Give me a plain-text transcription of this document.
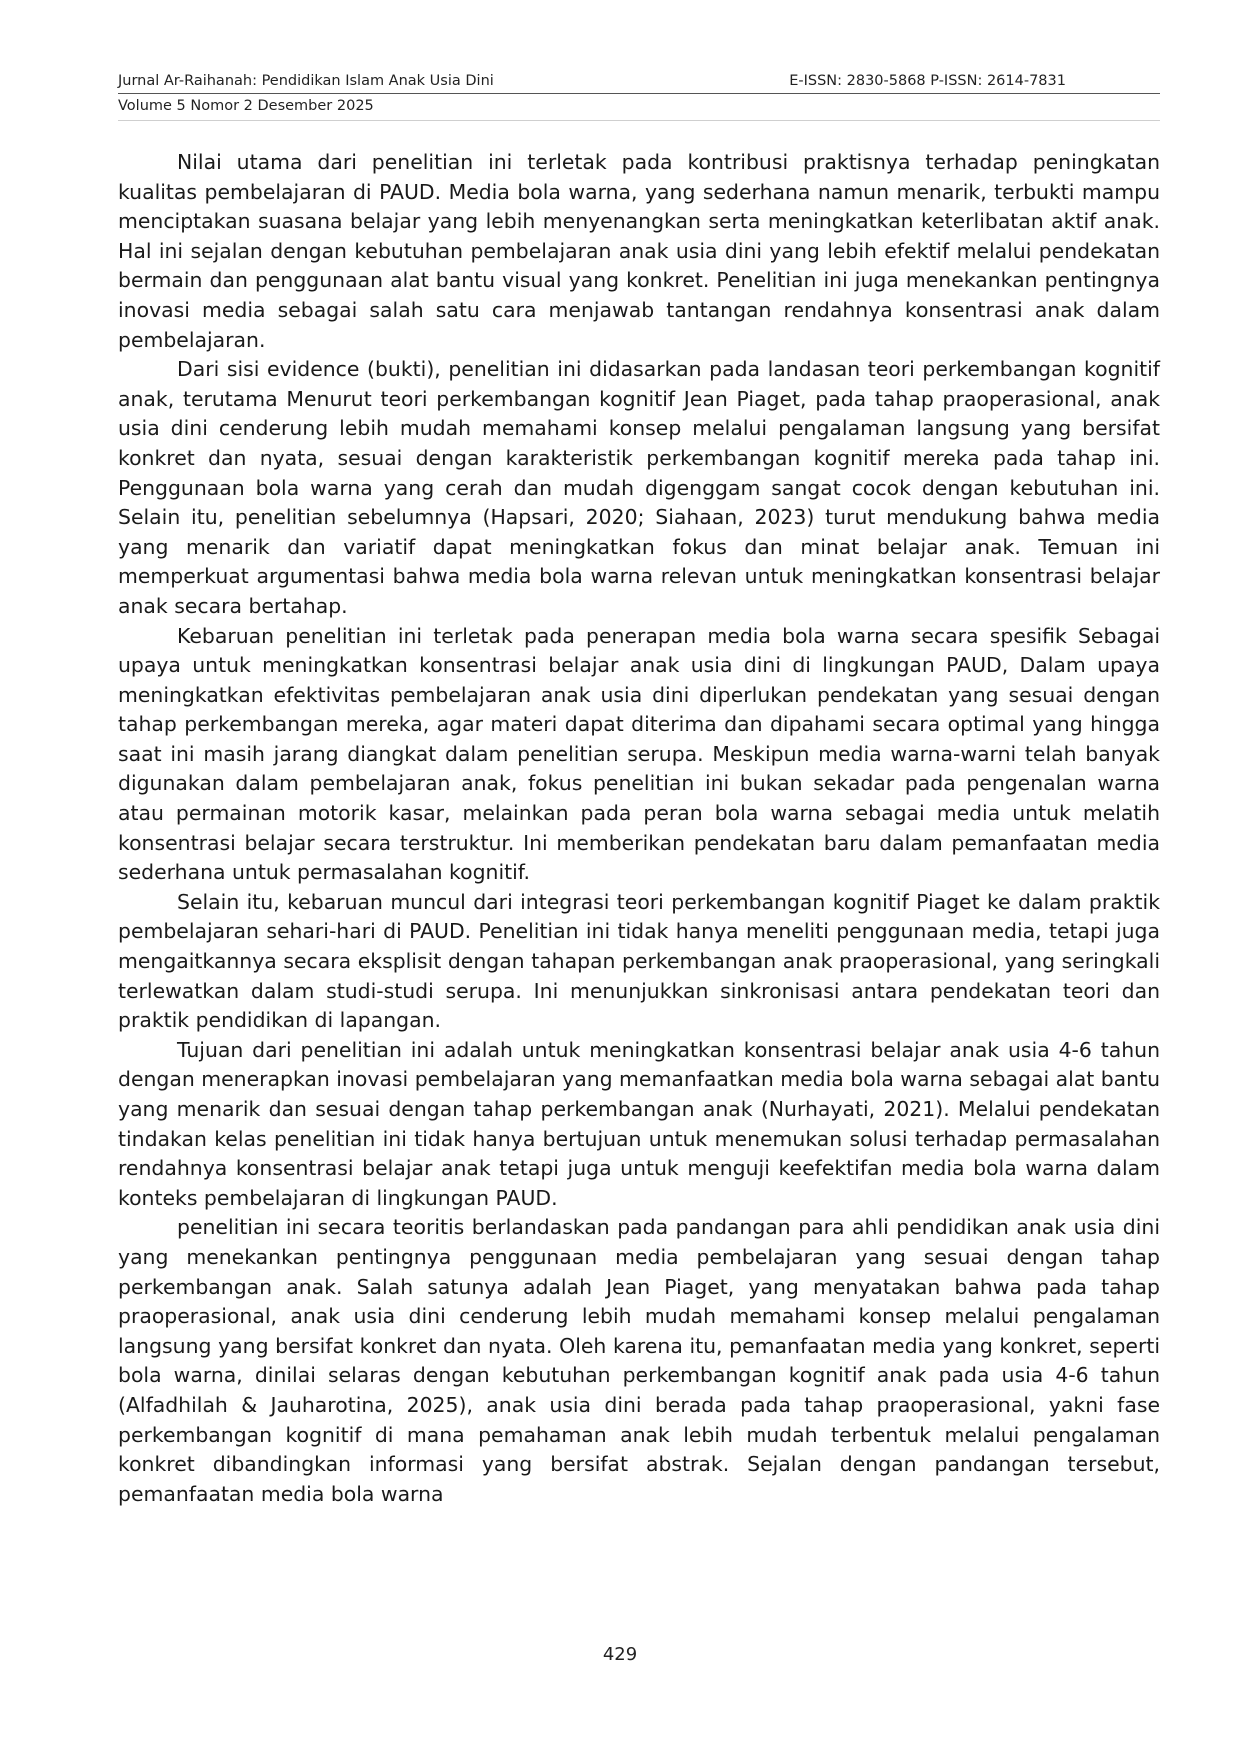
Jurnal Ar-Raihanah: Pendidikan Islam Anak Usia Dini	E-ISSN: 2830-5868 P-ISSN: 2614-7831
Volume 5 Nomor 2 Desember 2025

Nilai utama dari penelitian ini terletak pada kontribusi praktisnya terhadap peningkatan kualitas pembelajaran di PAUD. Media bola warna, yang sederhana namun menarik, terbukti mampu menciptakan suasana belajar yang lebih menyenangkan serta meningkatkan keterlibatan aktif anak. Hal ini sejalan dengan kebutuhan pembelajaran anak usia dini yang lebih efektif melalui pendekatan bermain dan penggunaan alat bantu visual yang konkret. Penelitian ini juga menekankan pentingnya inovasi media sebagai salah satu cara menjawab tantangan rendahnya konsentrasi anak dalam pembelajaran.

Dari sisi evidence (bukti), penelitian ini didasarkan pada landasan teori perkembangan kognitif anak, terutama Menurut teori perkembangan kognitif Jean Piaget, pada tahap praoperasional, anak usia dini cenderung lebih mudah memahami konsep melalui pengalaman langsung yang bersifat konkret dan nyata, sesuai dengan karakteristik perkembangan kognitif mereka pada tahap ini. Penggunaan bola warna yang cerah dan mudah digenggam sangat cocok dengan kebutuhan ini. Selain itu, penelitian sebelumnya (Hapsari, 2020; Siahaan, 2023) turut mendukung bahwa media yang menarik dan variatif dapat meningkatkan fokus dan minat belajar anak. Temuan ini memperkuat argumentasi bahwa media bola warna relevan untuk meningkatkan konsentrasi belajar anak secara bertahap.

Kebaruan penelitian ini terletak pada penerapan media bola warna secara spesifik Sebagai upaya untuk meningkatkan konsentrasi belajar anak usia dini di lingkungan PAUD, Dalam upaya meningkatkan efektivitas pembelajaran anak usia dini diperlukan pendekatan yang sesuai dengan tahap perkembangan mereka, agar materi dapat diterima dan dipahami secara optimal yang hingga saat ini masih jarang diangkat dalam penelitian serupa. Meskipun media warna-warni telah banyak digunakan dalam pembelajaran anak, fokus penelitian ini bukan sekadar pada pengenalan warna atau permainan motorik kasar, melainkan pada peran bola warna sebagai media untuk melatih konsentrasi belajar secara terstruktur. Ini memberikan pendekatan baru dalam pemanfaatan media sederhana untuk permasalahan kognitif.

Selain itu, kebaruan muncul dari integrasi teori perkembangan kognitif Piaget ke dalam praktik pembelajaran sehari-hari di PAUD. Penelitian ini tidak hanya meneliti penggunaan media, tetapi juga mengaitkannya secara eksplisit dengan tahapan perkembangan anak praoperasional, yang seringkali terlewatkan dalam studi-studi serupa. Ini menunjukkan sinkronisasi antara pendekatan teori dan praktik pendidikan di lapangan.

Tujuan dari penelitian ini adalah untuk meningkatkan konsentrasi belajar anak usia 4-6 tahun dengan menerapkan inovasi pembelajaran yang memanfaatkan media bola warna sebagai alat bantu yang menarik dan sesuai dengan tahap perkembangan anak (Nurhayati, 2021). Melalui pendekatan tindakan kelas penelitian ini tidak hanya bertujuan untuk menemukan solusi terhadap permasalahan rendahnya konsentrasi belajar anak tetapi juga untuk menguji keefektifan media bola warna dalam konteks pembelajaran di lingkungan PAUD.

penelitian ini secara teoritis berlandaskan pada pandangan para ahli pendidikan anak usia dini yang menekankan pentingnya penggunaan media pembelajaran yang sesuai dengan tahap perkembangan anak. Salah satunya adalah Jean Piaget, yang menyatakan bahwa pada tahap praoperasional, anak usia dini cenderung lebih mudah memahami konsep melalui pengalaman langsung yang bersifat konkret dan nyata. Oleh karena itu, pemanfaatan media yang konkret, seperti bola warna, dinilai selaras dengan kebutuhan perkembangan kognitif anak pada usia 4-6 tahun (Alfadhilah & Jauharotina, 2025), anak usia dini berada pada tahap praoperasional, yakni fase perkembangan kognitif di mana pemahaman anak lebih mudah terbentuk melalui pengalaman konkret dibandingkan informasi yang bersifat abstrak. Sejalan dengan pandangan tersebut, pemanfaatan media bola warna

429
